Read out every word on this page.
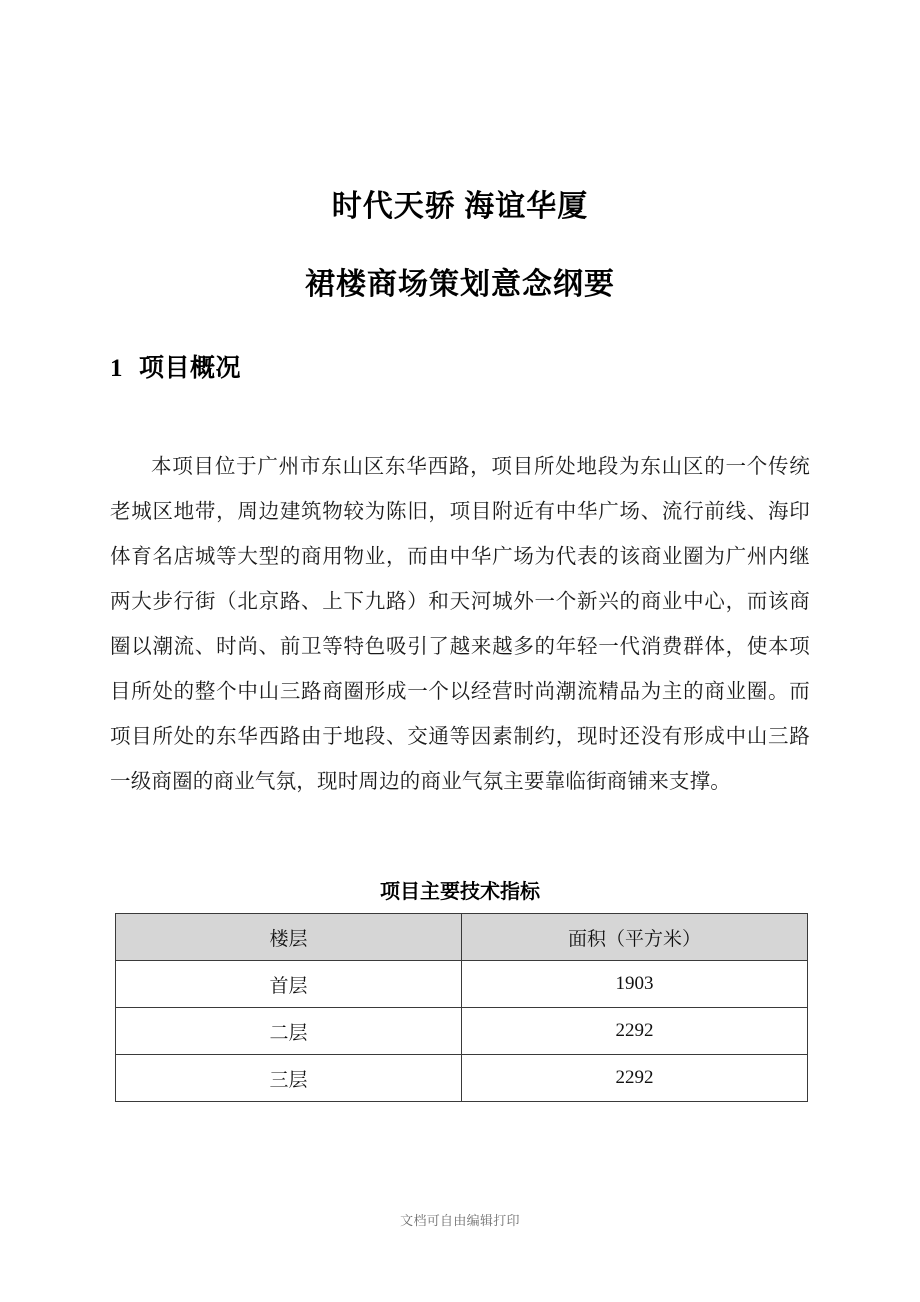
时代天骄 海谊华厦
裙楼商场策划意念纲要
1 项目概况

本项目位于广州市东山区东华西路，项目所处地段为东山区的一个传统老城区地带，周边建筑物较为陈旧，项目附近有中华广场、流行前线、海印体育名店城等大型的商用物业，而由中华广场为代表的该商业圈为广州内继两大步行街（北京路、上下九路）和天河城外一个新兴的商业中心，而该商圈以潮流、时尚、前卫等特色吸引了越来越多的年轻一代消费群体，使本项目所处的整个中山三路商圈形成一个以经营时尚潮流精品为主的商业圈。而项目所处的东华西路由于地段、交通等因素制约，现时还没有形成中山三路一级商圈的商业气氛，现时周边的商业气氛主要靠临街商铺来支撑。

项目主要技术指标
楼层	面积（平方米）
首层	1903
二层	2292
三层	2292
文档可自由编辑打印
